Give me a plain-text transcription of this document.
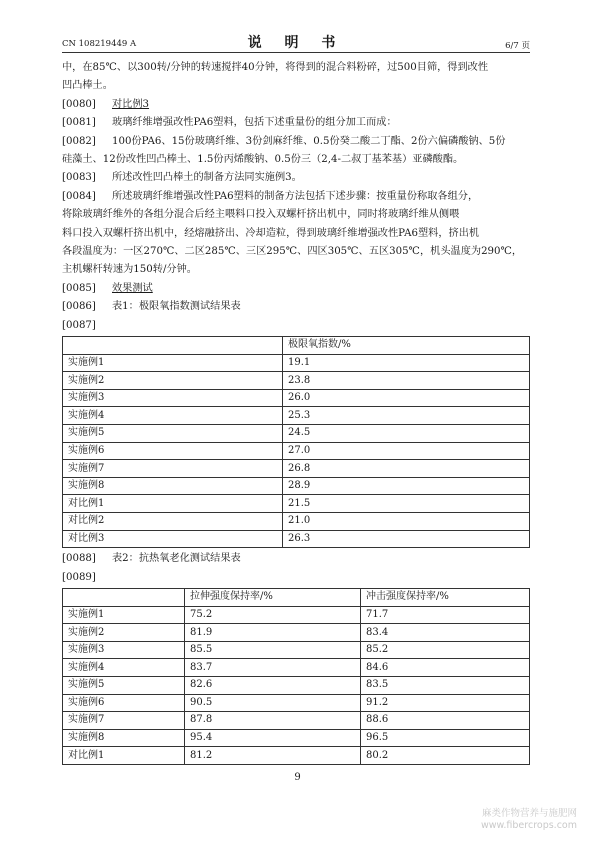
CN 108219449 A	说 明 书	6/7 页
中，在85℃、以300转/分钟的转速搅拌40分钟，将得到的混合料粉碎，过500目筛，得到改性
凹凸棒土。
[0080] 对比例3
[0081] 玻璃纤维增强改性PA6塑料，包括下述重量份的组分加工而成：
[0082] 100份PA6、15份玻璃纤维、3份剑麻纤维、0.5份癸二酸二丁酯、2份六偏磷酸钠、5份
硅藻土、12份改性凹凸棒土、1.5份丙烯酸钠、0.5份三（2,4-二叔丁基苯基）亚磷酸酯。
[0083] 所述改性凹凸棒土的制备方法同实施例3。
[0084] 所述玻璃纤维增强改性PA6塑料的制备方法包括下述步骤：按重量份称取各组分，
将除玻璃纤维外的各组分混合后经主喂料口投入双螺杆挤出机中，同时将玻璃纤维从侧喂
料口投入双螺杆挤出机中，经熔融挤出、冷却造粒，得到玻璃纤维增强改性PA6塑料，挤出机
各段温度为：一区270℃、二区285℃、三区295℃、四区305℃、五区305℃，机头温度为290℃，
主机螺杆转速为150转/分钟。
[0085] 效果测试
[0086] 表1：极限氧指数测试结果表
[0087]
	极限氧指数/%
实施例1	19.1
实施例2	23.8
实施例3	26.0
实施例4	25.3
实施例5	24.5
实施例6	27.0
实施例7	26.8
实施例8	28.9
对比例1	21.5
对比例2	21.0
对比例3	26.3
[0088] 表2：抗热氧老化测试结果表
[0089]
	拉伸强度保持率/%	冲击强度保持率/%
实施例1	75.2	71.7
实施例2	81.9	83.4
实施例3	85.5	85.2
实施例4	83.7	84.6
实施例5	82.6	83.5
实施例6	90.5	91.2
实施例7	87.8	88.6
实施例8	95.4	96.5
对比例1	81.2	80.2
9
麻类作物营养与施肥网
www.fibercrops.com
